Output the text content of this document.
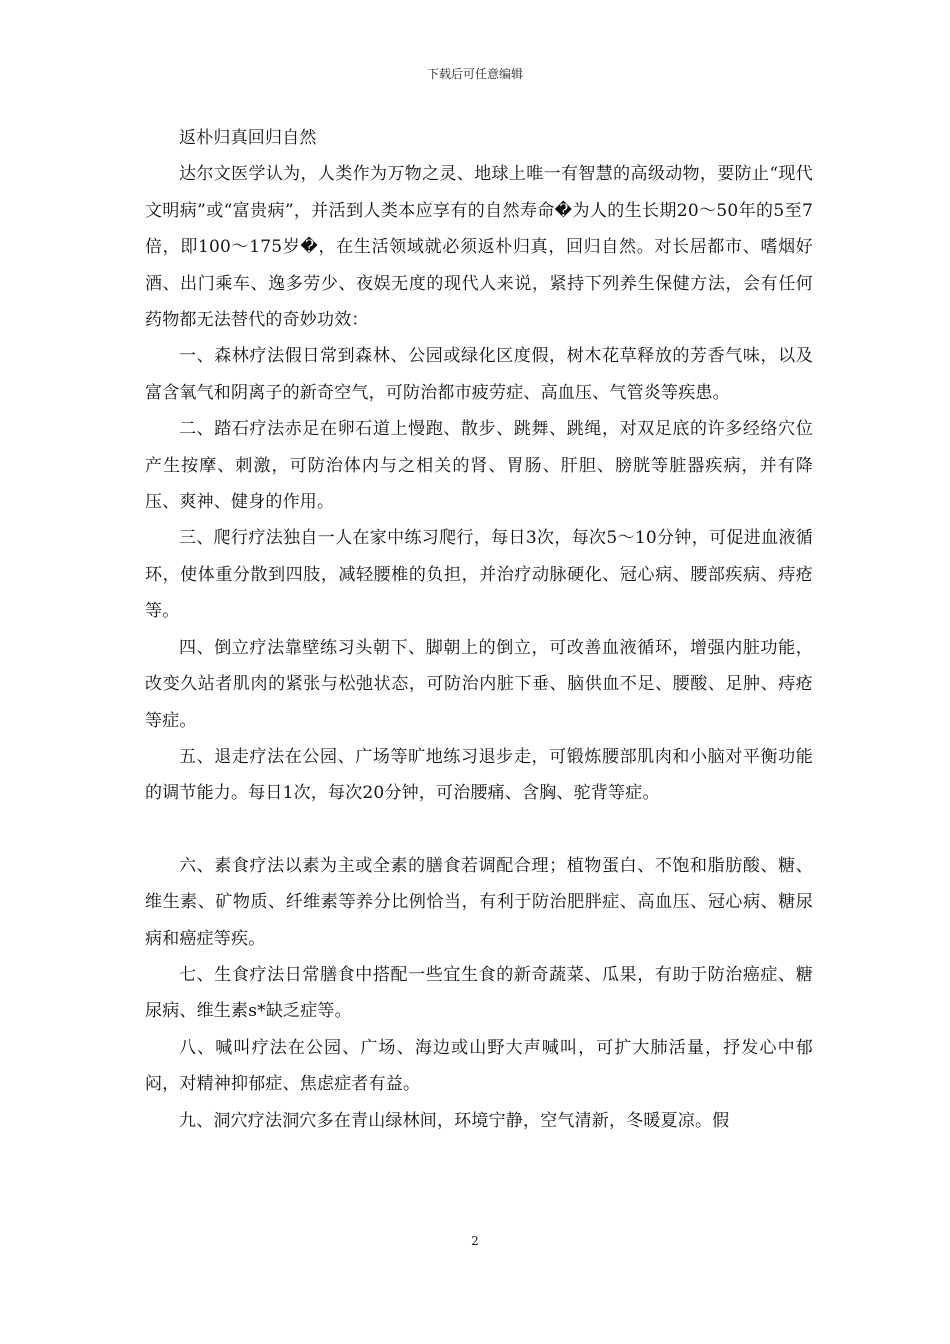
下载后可任意编辑

返朴归真回归自然

达尔文医学认为，人类作为万物之灵、地球上唯一有智慧的高级动物，要防止“现代文明病”或“富贵病”，并活到人类本应享有的自然寿命�为人的生长期20～50年的5至7倍，即100～175岁�，在生活领域就必须返朴归真，回归自然。对长居都市、嗜烟好酒、出门乘车、逸多劳少、夜娱无度的现代人来说，紧持下列养生保健方法，会有任何药物都无法替代的奇妙功效：

一、森林疗法假日常到森林、公园或绿化区度假，树木花草释放的芳香气味，以及富含氧气和阴离子的新奇空气，可防治都市疲劳症、高血压、气管炎等疾患。

二、踏石疗法赤足在卵石道上慢跑、散步、跳舞、跳绳，对双足底的许多经络穴位产生按摩、刺激，可防治体内与之相关的肾、胃肠、肝胆、膀胱等脏器疾病，并有降压、爽神、健身的作用。

三、爬行疗法独自一人在家中练习爬行，每日3次，每次5～10分钟，可促进血液循环，使体重分散到四肢，减轻腰椎的负担，并治疗动脉硬化、冠心病、腰部疾病、痔疮等。

四、倒立疗法靠壁练习头朝下、脚朝上的倒立，可改善血液循环，增强内脏功能，改变久站者肌肉的紧张与松弛状态，可防治内脏下垂、脑供血不足、腰酸、足肿、痔疮等症。

五、退走疗法在公园、广场等旷地练习退步走，可锻炼腰部肌肉和小脑对平衡功能的调节能力。每日1次，每次20分钟，可治腰痛、含胸、驼背等症。

六、素食疗法以素为主或全素的膳食若调配合理；植物蛋白、不饱和脂肪酸、糖、维生素、矿物质、纤维素等养分比例恰当，有利于防治肥胖症、高血压、冠心病、糖尿病和癌症等疾。

七、生食疗法日常膳食中搭配一些宜生食的新奇蔬菜、瓜果，有助于防治癌症、糖尿病、维生素s*缺乏症等。

八、喊叫疗法在公园、广场、海边或山野大声喊叫，可扩大肺活量，抒发心中郁闷，对精神抑郁症、焦虑症者有益。

九、洞穴疗法洞穴多在青山绿林间，环境宁静，空气清新，冬暖夏凉。假

2
